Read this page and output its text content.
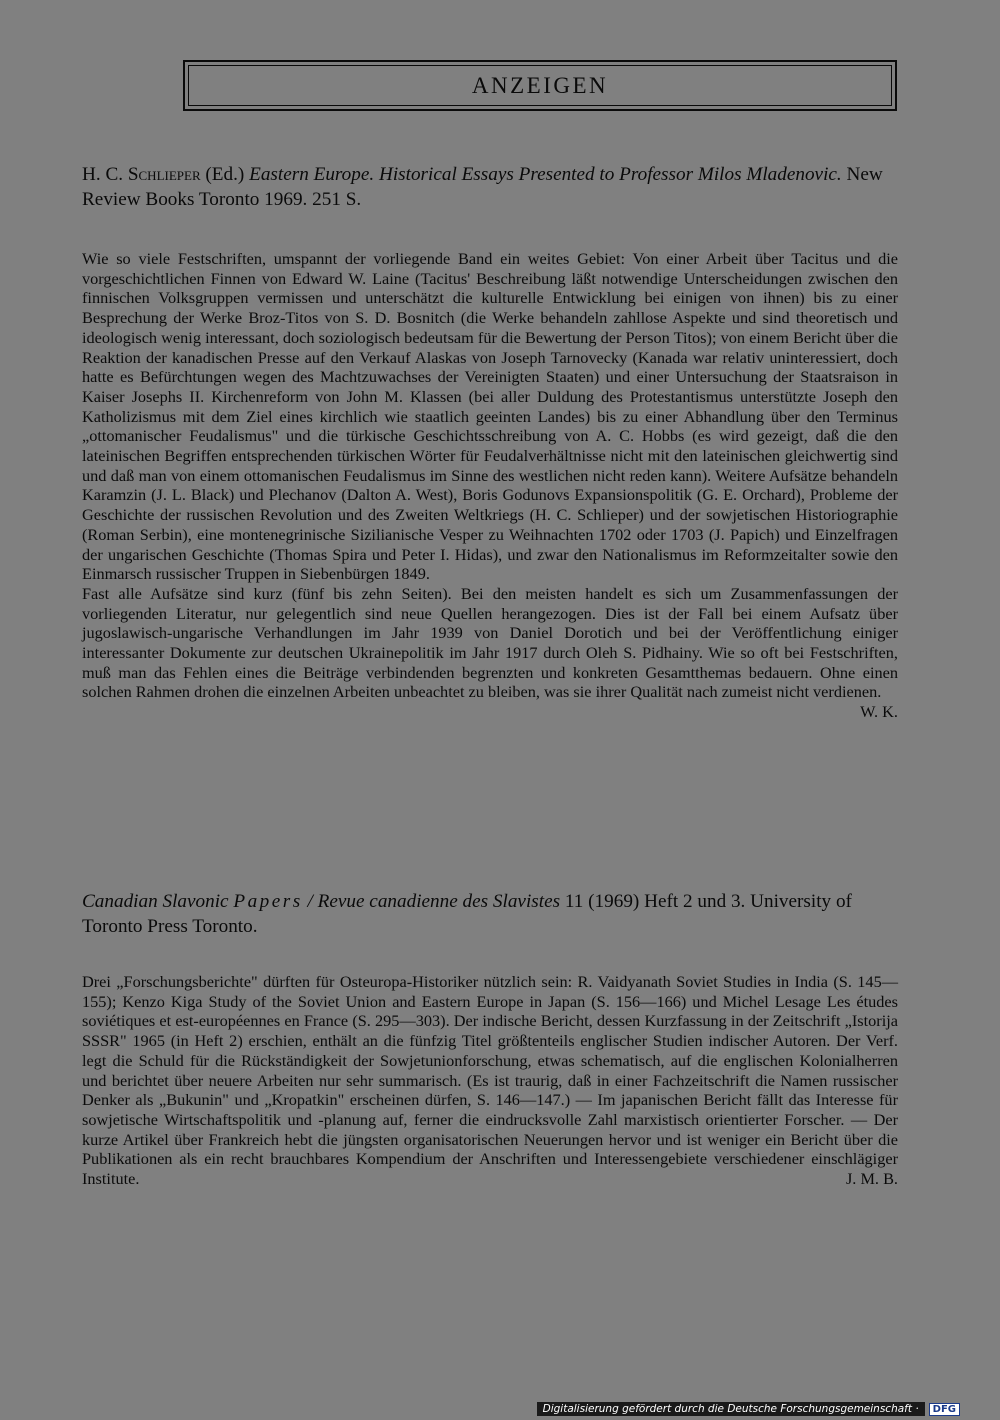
ANZEIGEN

H. C. Schlieper (Ed.) Eastern Europe. Historical Essays Presented to Professor Milos Mladenovic. New Review Books Toronto 1969. 251 S.

Wie so viele Festschriften, umspannt der vorliegende Band ein weites Gebiet: Von einer Arbeit über Tacitus und die vorgeschichtlichen Finnen von Edward W. Laine (Tacitus' Beschreibung läßt notwendige Unterscheidungen zwischen den finnischen Volksgruppen vermissen und unterschätzt die kulturelle Entwicklung bei einigen von ihnen) bis zu einer Besprechung der Werke Broz-Titos von S. D. Bosnitch (die Werke behandeln zahllose Aspekte und sind theoretisch und ideologisch wenig interessant, doch soziologisch bedeutsam für die Bewertung der Person Titos); von einem Bericht über die Reaktion der kanadischen Presse auf den Verkauf Alaskas von Joseph Tarnovecky (Kanada war relativ uninteressiert, doch hatte es Befürchtungen wegen des Machtzuwachses der Vereinigten Staaten) und einer Untersuchung der Staatsraison in Kaiser Josephs II. Kirchenreform von John M. Klassen (bei aller Duldung des Protestantismus unterstützte Joseph den Katholizismus mit dem Ziel eines kirchlich wie staatlich geeinten Landes) bis zu einer Abhandlung über den Terminus „ottomanischer Feudalismus" und die türkische Geschichtsschreibung von A. C. Hobbs (es wird gezeigt, daß die den lateinischen Begriffen entsprechenden türkischen Wörter für Feudalverhältnisse nicht mit den lateinischen gleichwertig sind und daß man von einem ottomanischen Feudalismus im Sinne des westlichen nicht reden kann). Weitere Aufsätze behandeln Karamzin (J. L. Black) und Plechanov (Dalton A. West), Boris Godunovs Expansionspolitik (G. E. Orchard), Probleme der Geschichte der russischen Revolution und des Zweiten Weltkriegs (H. C. Schlieper) und der sowjetischen Historiographie (Roman Serbin), eine montenegrinische Sizilianische Vesper zu Weihnachten 1702 oder 1703 (J. Papich) und Einzelfragen der ungarischen Geschichte (Thomas Spira und Peter I. Hidas), und zwar den Nationalismus im Reformzeitalter sowie den Einmarsch russischer Truppen in Siebenbürgen 1849.

Fast alle Aufsätze sind kurz (fünf bis zehn Seiten). Bei den meisten handelt es sich um Zusammenfassungen der vorliegenden Literatur, nur gelegentlich sind neue Quellen herangezogen. Dies ist der Fall bei einem Aufsatz über jugoslawisch-ungarische Verhandlungen im Jahr 1939 von Daniel Dorotich und bei der Veröffentlichung einiger interessanter Dokumente zur deutschen Ukrainepolitik im Jahr 1917 durch Oleh S. Pidhainy. Wie so oft bei Festschriften, muß man das Fehlen eines die Beiträge verbindenden begrenzten und konkreten Gesamtthemas bedauern. Ohne einen solchen Rahmen drohen die einzelnen Arbeiten unbeachtet zu bleiben, was sie ihrer Qualität nach zumeist nicht verdienen.
W. K.

Canadian Slavonic Papers / Revue canadienne des Slavistes 11 (1969) Heft 2 und 3. University of Toronto Press Toronto.

Drei „Forschungsberichte" dürften für Osteuropa-Historiker nützlich sein: R. Vaidyanath Soviet Studies in India (S. 145—155); Kenzo Kiga Study of the Soviet Union and Eastern Europe in Japan (S. 156—166) und Michel Lesage Les études soviétiques et est-européennes en France (S. 295—303). Der indische Bericht, dessen Kurzfassung in der Zeitschrift „Istorija SSSR" 1965 (in Heft 2) erschien, enthält an die fünfzig Titel größtenteils englischer Studien indischer Autoren. Der Verf. legt die Schuld für die Rückständigkeit der Sowjetunionforschung, etwas schematisch, auf die englischen Kolonialherren und berichtet über neuere Arbeiten nur sehr summarisch. (Es ist traurig, daß in einer Fachzeitschrift die Namen russischer Denker als „Bukunin" und „Kropatkin" erscheinen dürfen, S. 146—147.) — Im japanischen Bericht fällt das Interesse für sowjetische Wirtschaftspolitik und -planung auf, ferner die eindrucksvolle Zahl marxistisch orientierter Forscher. — Der kurze Artikel über Frankreich hebt die jüngsten organisatorischen Neuerungen hervor und ist weniger ein Bericht über die Publikationen als ein recht brauchbares Kompendium der Anschriften und Interessengebiete verschiedener einschlägiger Institute.	J. M. B.

Digitalisierung gefördert durch die Deutsche Forschungsgemeinschaft ·	DFG
